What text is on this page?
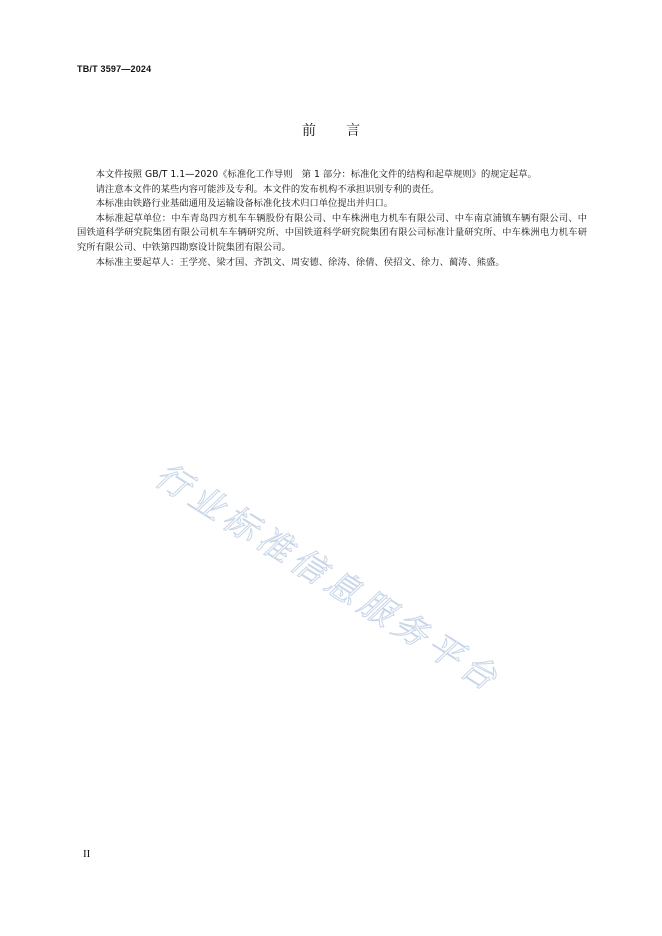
TB/T 3597—2024
前言

本文件按照 GB/T 1.1—2020《标准化工作导则　第 1 部分：标准化文件的结构和起草规则》的规定起草。

请注意本文件的某些内容可能涉及专利。本文件的发布机构不承担识别专利的责任。

本标准由铁路行业基础通用及运输设备标准化技术归口单位提出并归口。

本标准起草单位：中车青岛四方机车车辆股份有限公司、中车株洲电力机车有限公司、中车南京浦镇车辆有限公司、中国铁道科学研究院集团有限公司机车车辆研究所、中国铁道科学研究院集团有限公司标准计量研究所、中车株洲电力机车研究所有限公司、中铁第四勘察设计院集团有限公司。

本标准主要起草人：王学亮、梁才国、齐凯文、周安德、徐涛、徐倩、侯招文、徐力、蔺涛、熊盛。

行业标准信息服务平台
II
